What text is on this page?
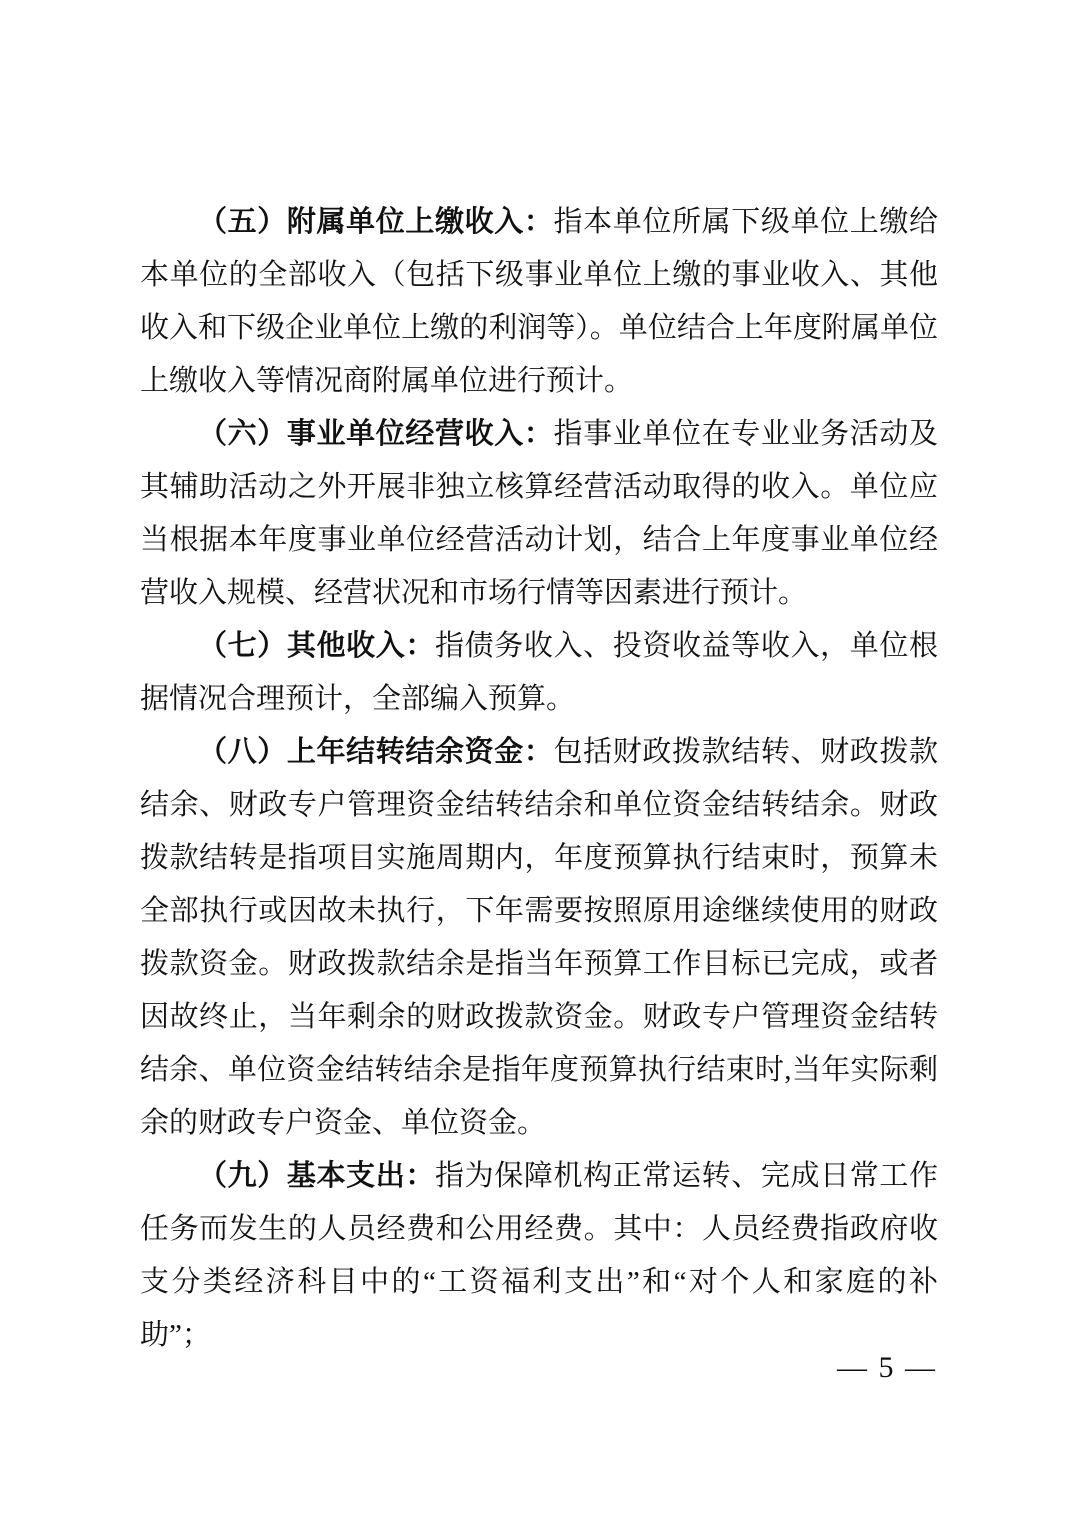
（五）附属单位上缴收入：指本单位所属下级单位上缴给本单位的全部收入（包括下级事业单位上缴的事业收入、其他收入和下级企业单位上缴的利润等）。单位结合上年度附属单位上缴收入等情况商附属单位进行预计。

（六）事业单位经营收入：指事业单位在专业业务活动及其辅助活动之外开展非独立核算经营活动取得的收入。单位应当根据本年度事业单位经营活动计划，结合上年度事业单位经营收入规模、经营状况和市场行情等因素进行预计。

（七）其他收入：指债务收入、投资收益等收入，单位根据情况合理预计，全部编入预算。

（八）上年结转结余资金：包括财政拨款结转、财政拨款结余、财政专户管理资金结转结余和单位资金结转结余。财政拨款结转是指项目实施周期内，年度预算执行结束时，预算未全部执行或因故未执行，下年需要按照原用途继续使用的财政拨款资金。财政拨款结余是指当年预算工作目标已完成，或者因故终止，当年剩余的财政拨款资金。财政专户管理资金结转结余、单位资金结转结余是指年度预算执行结束时,当年实际剩余的财政专户资金、单位资金。

（九）基本支出：指为保障机构正常运转、完成日常工作任务而发生的人员经费和公用经费。其中：人员经费指政府收支分类经济科目中的“工资福利支出”和“对个人和家庭的补助”；

— 5 —
